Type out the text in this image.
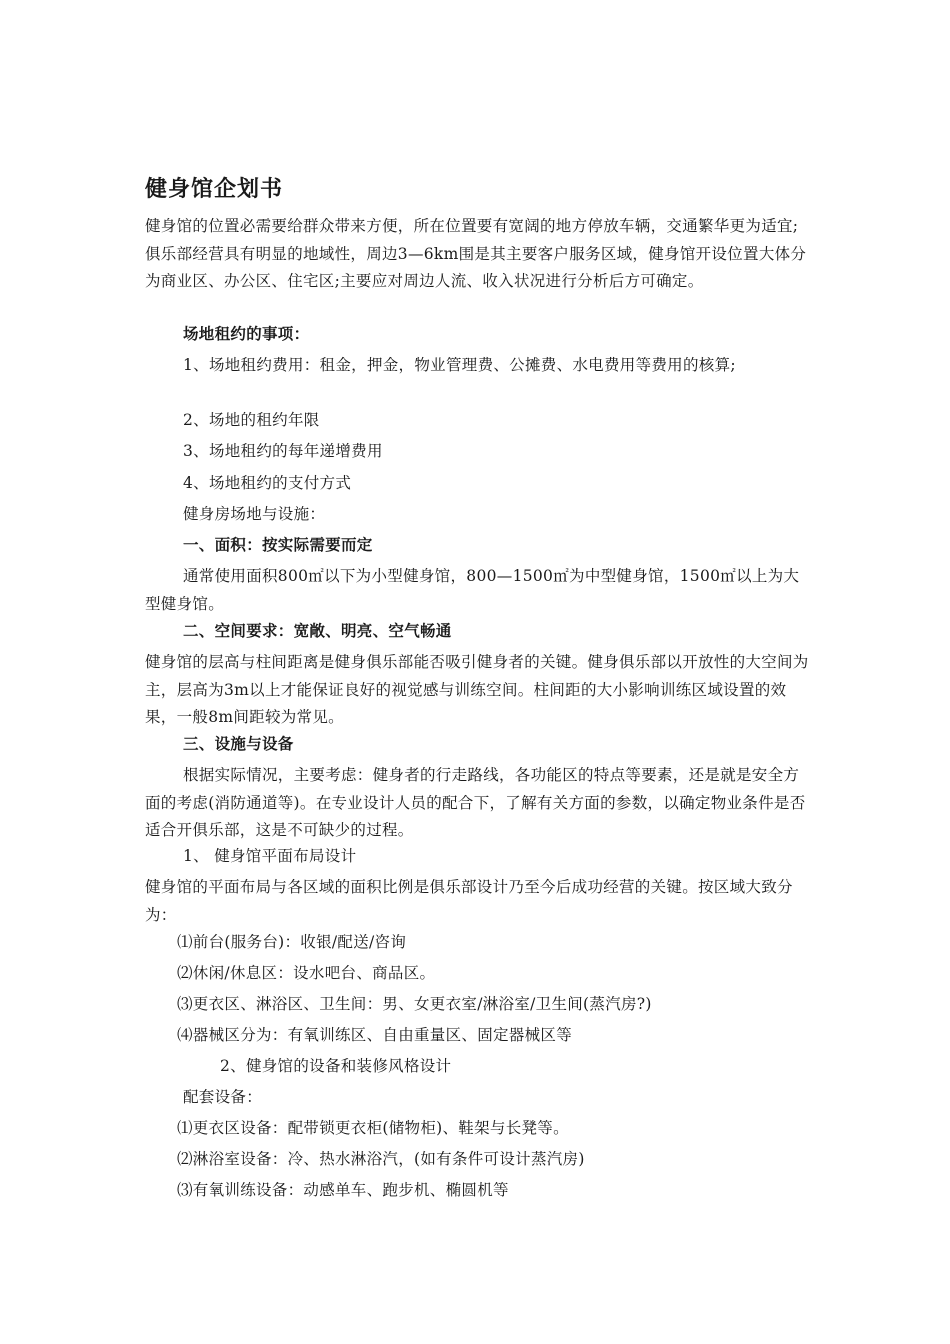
健身馆企划书

健身馆的位置必需要给群众带来方便，所在位置要有宽阔的地方停放车辆，交通繁华更为适宜;俱乐部经营具有明显的地域性，周边3—6km围是其主要客户服务区域，健身馆开设位置大体分为商业区、办公区、住宅区;主要应对周边人流、收入状况进行分析后方可确定。

场地租约的事项：

1、场地租约费用：租金，押金，物业管理费、公摊费、水电费用等费用的核算;

2、场地的租约年限
3、场地租约的每年递增费用
4、场地租约的支付方式
健身房场地与设施：
一、面积：按实际需要而定

通常使用面积800㎡以下为小型健身馆，800—1500㎡为中型健身馆，1500㎡以上为大型健身馆。

二、空间要求：宽敞、明亮、空气畅通

健身馆的层高与柱间距离是健身俱乐部能否吸引健身者的关键。健身俱乐部以开放性的大空间为主，层高为3m以上才能保证良好的视觉感与训练空间。柱间距的大小影响训练区域设置的效果，一般8m间距较为常见。

三、设施与设备

根据实际情况，主要考虑：健身者的行走路线，各功能区的特点等要素，还是就是安全方面的考虑(消防通道等)。在专业设计人员的配合下，了解有关方面的参数，以确定物业条件是否适合开俱乐部，这是不可缺少的过程。

1、 健身馆平面布局设计

健身馆的平面布局与各区域的面积比例是俱乐部设计乃至今后成功经营的关键。按区域大致分为：

⑴前台(服务台)：收银/配送/咨询
⑵休闲/休息区：设水吧台、商品区。
⑶更衣区、淋浴区、卫生间：男、女更衣室/淋浴室/卫生间(蒸汽房?)
⑷器械区分为：有氧训练区、自由重量区、固定器械区等
2、健身馆的设备和装修风格设计
配套设备：
⑴更衣区设备：配带锁更衣柜(储物柜)、鞋架与长凳等。
⑵淋浴室设备：冷、热水淋浴汽，(如有条件可设计蒸汽房)
⑶有氧训练设备：动感单车、跑步机、椭圆机等
